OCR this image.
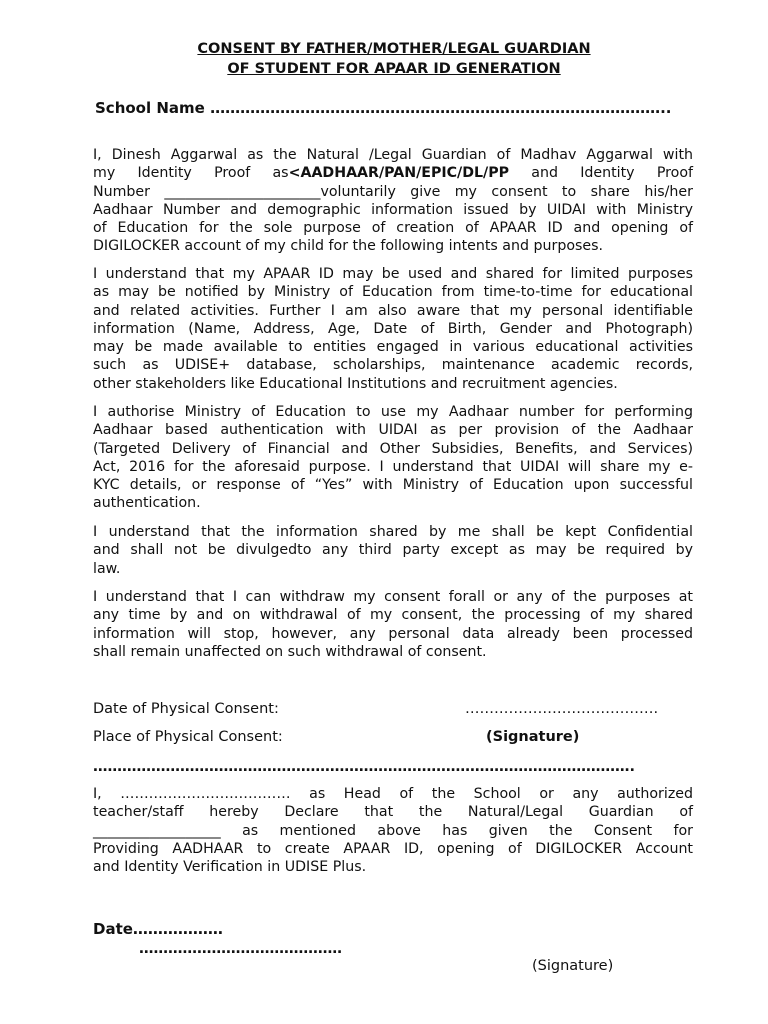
CONSENT BY FATHER/MOTHER/LEGAL GUARDIAN
OF STUDENT FOR APAAR ID GENERATION
School Name ………………………………………………………………………………..
I, Dinesh Aggarwal as the Natural /Legal Guardian of Madhav Aggarwal with
my Identity Proof as<AADHAAR/PAN/EPIC/DL/PP and Identity Proof
Number ______________________voluntarily give my consent to share his/her
Aadhaar Number and demographic information issued by UIDAI with Ministry
of Education for the sole purpose of creation of APAAR ID and opening of
DIGILOCKER account of my child for the following intents and purposes.
I understand that my APAAR ID may be used and shared for limited purposes
as may be notified by Ministry of Education from time-to-time for educational
and related activities. Further I am also aware that my personal identifiable
information (Name, Address, Age, Date of Birth, Gender and Photograph)
may be made available to entities engaged in various educational activities
such as UDISE+ database, scholarships, maintenance academic records,
other stakeholders like Educational Institutions and recruitment agencies.
I authorise Ministry of Education to use my Aadhaar number for performing
Aadhaar based authentication with UIDAI as per provision of the Aadhaar
(Targeted Delivery of Financial and Other Subsidies, Benefits, and Services)
Act, 2016 for the aforesaid purpose. I understand that UIDAI will share my e-
KYC details, or response of “Yes” with Ministry of Education upon successful
authentication.
I understand that the information shared by me shall be kept Confidential
and shall not be divulgedto any third party except as may be required by
law.
I understand that I can withdraw my consent forall or any of the purposes at
any time by and on withdrawal of my consent, the processing of my shared
information will stop, however, any personal data already been processed
shall remain unaffected on such withdrawal of consent.
Date of Physical Consent:	………………………………….
Place of Physical Consent:	(Signature)
………………………………………………………………………………………………….
I, ……………………………… as Head of the School or any authorized
teacher/staff hereby Declare that the Natural/Legal Guardian of
__________________ as mentioned above has given the Consent for
Providing AADHAAR to create APAAR ID, opening of DIGILOCKER Account
and Identity Verification in UDISE Plus.
Date………………
……………………………………
(Signature)
